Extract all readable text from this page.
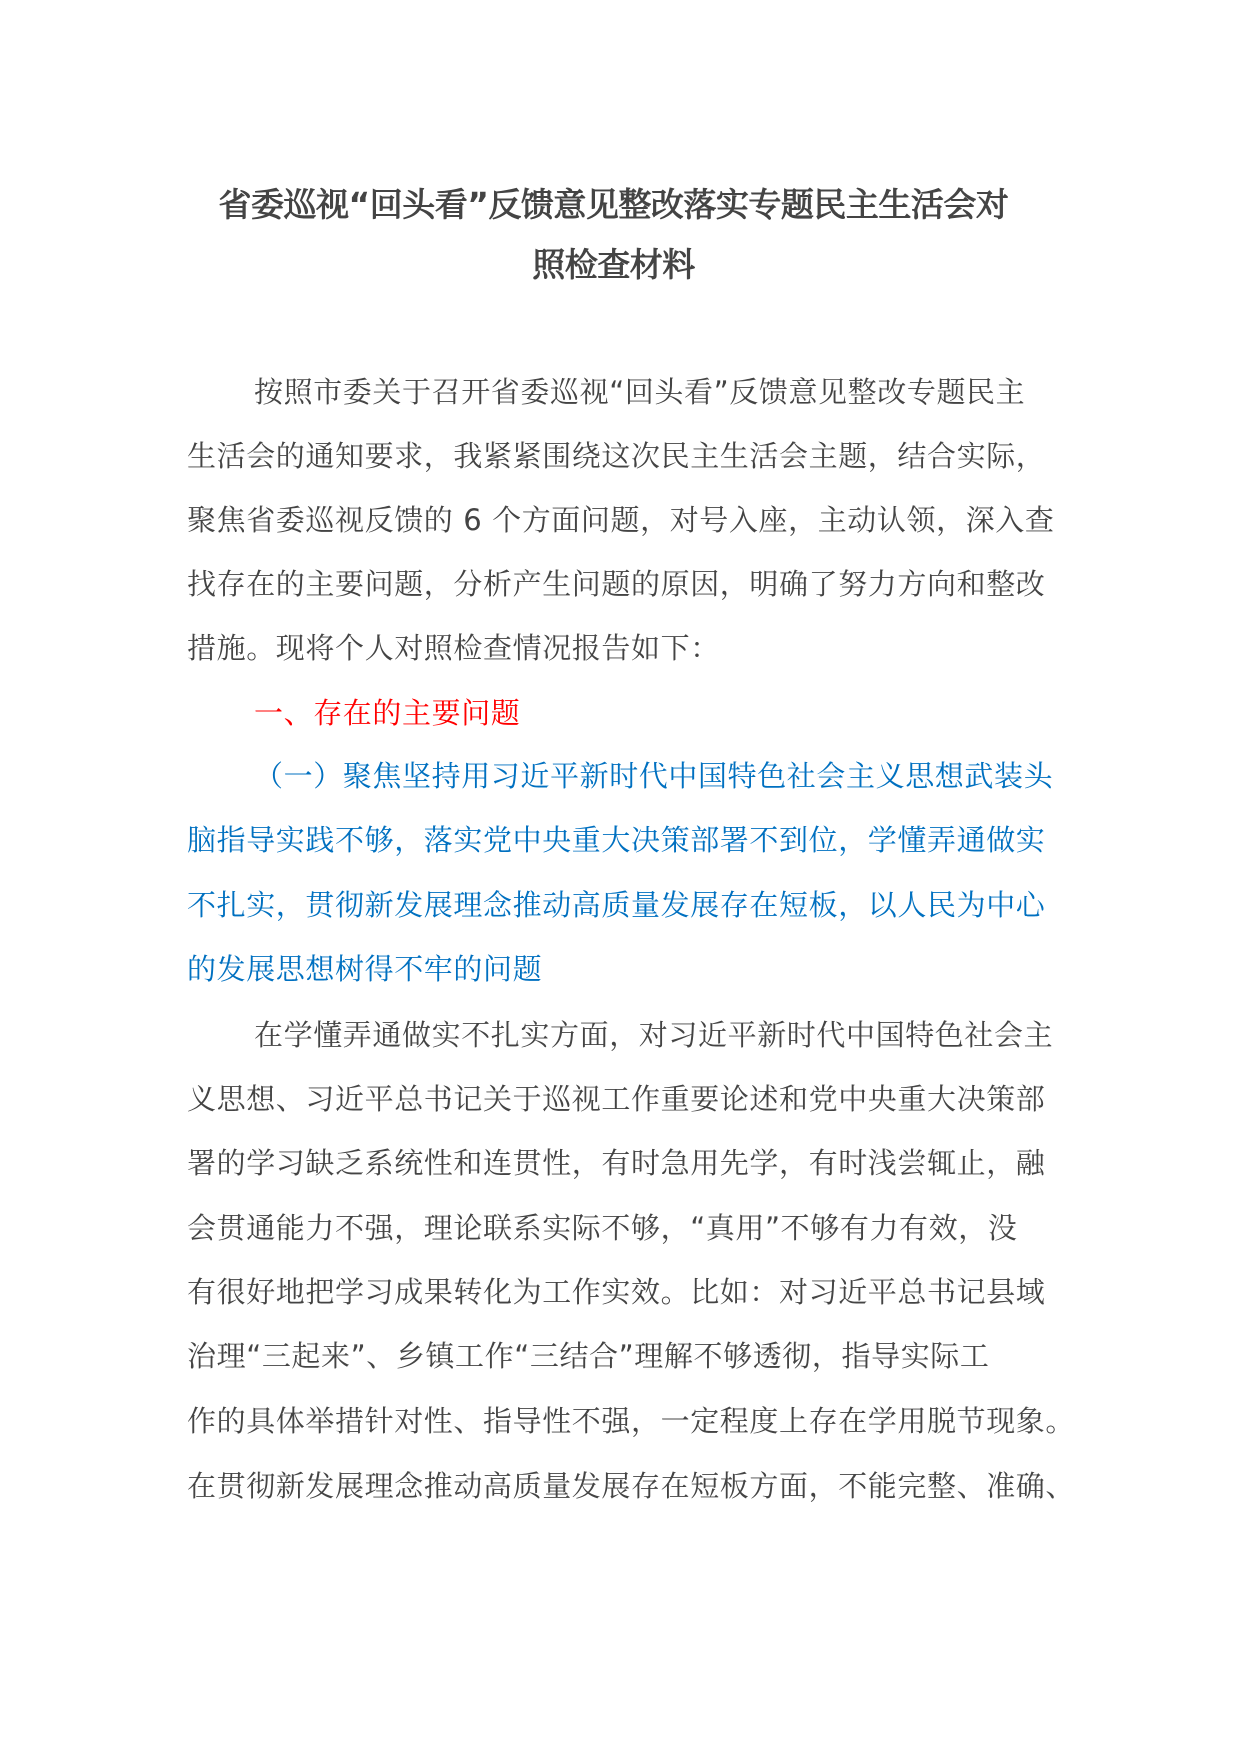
省委巡视“回头看”反馈意见整改落实专题民主生活会对
照检查材料
按照市委关于召开省委巡视“回头看”反馈意见整改专题民主
生活会的通知要求，我紧紧围绕这次民主生活会主题，结合实际，
聚焦省委巡视反馈的 6 个方面问题，对号入座，主动认领，深入查
找存在的主要问题，分析产生问题的原因，明确了努力方向和整改
措施。现将个人对照检查情况报告如下：
一、存在的主要问题
（一）聚焦坚持用习近平新时代中国特色社会主义思想武装头
脑指导实践不够，落实党中央重大决策部署不到位，学懂弄通做实
不扎实，贯彻新发展理念推动高质量发展存在短板，以人民为中心
的发展思想树得不牢的问题
在学懂弄通做实不扎实方面，对习近平新时代中国特色社会主
义思想、习近平总书记关于巡视工作重要论述和党中央重大决策部
署的学习缺乏系统性和连贯性，有时急用先学，有时浅尝辄止，融
会贯通能力不强，理论联系实际不够，“真用”不够有力有效，没
有很好地把学习成果转化为工作实效。比如：对习近平总书记县域
治理“三起来”、乡镇工作“三结合”理解不够透彻，指导实际工
作的具体举措针对性、指导性不强，一定程度上存在学用脱节现象。
在贯彻新发展理念推动高质量发展存在短板方面，不能完整、准确、
